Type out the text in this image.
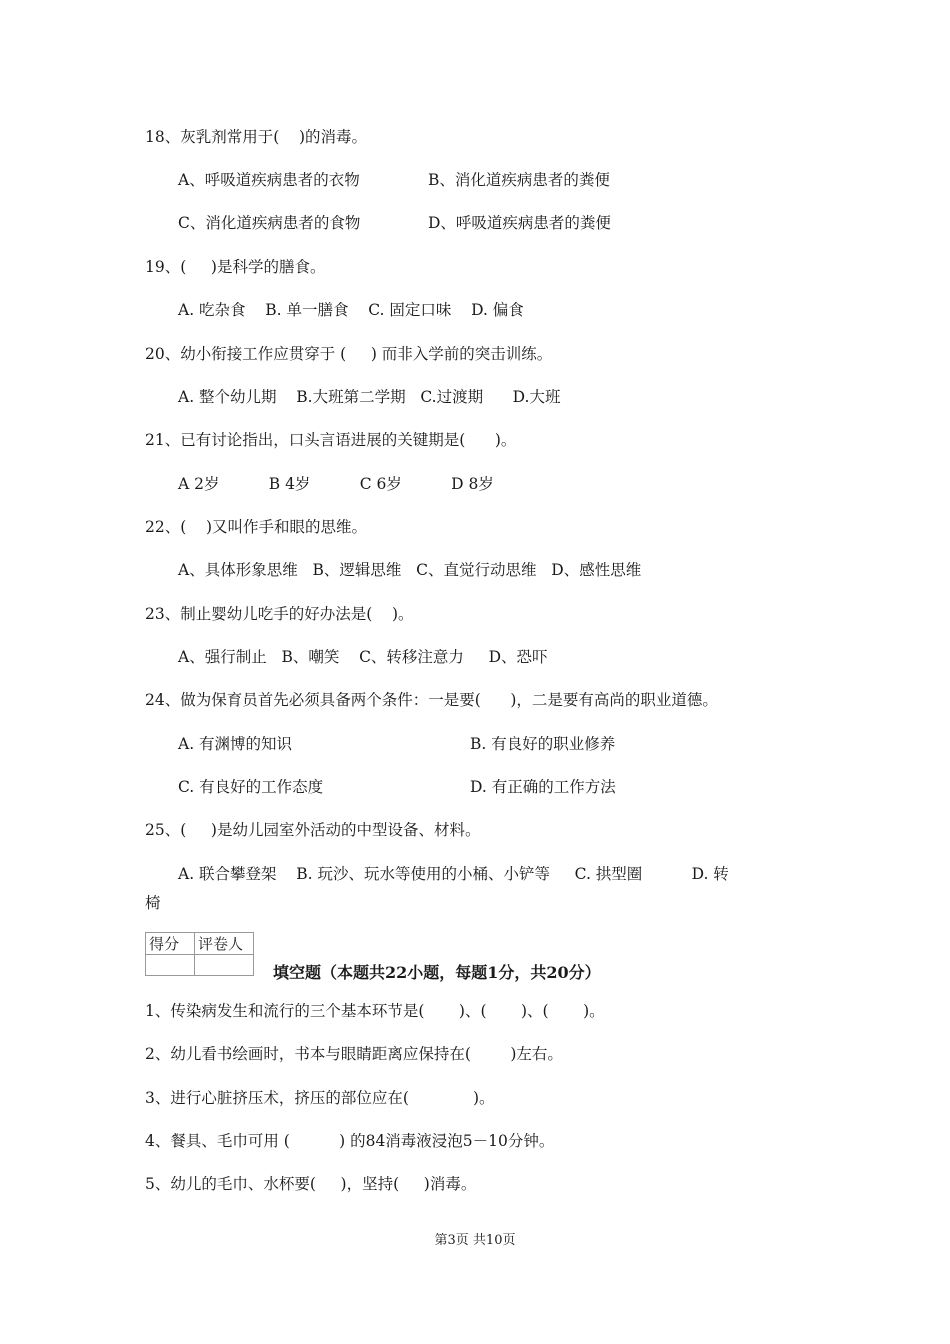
18、灰乳剂常用于(    )的消毒。
A、呼吸道疾病患者的衣物	B、消化道疾病患者的粪便
C、消化道疾病患者的食物	D、呼吸道疾病患者的粪便
19、(     )是科学的膳食。
A. 吃杂食    B. 单一膳食    C. 固定口味    D. 偏食
20、幼小衔接工作应贯穿于 (     ) 而非入学前的突击训练。
A. 整个幼儿期    B.大班第二学期   C.过渡期      D.大班
21、已有讨论指出，口头言语进展的关键期是(      )。
A 2岁          B 4岁          C 6岁          D 8岁
22、(    )又叫作手和眼的思维。
A、具体形象思维   B、逻辑思维   C、直觉行动思维   D、感性思维
23、制止婴幼儿吃手的好办法是(    )。
A、强行制止   B、嘲笑    C、转移注意力     D、恐吓
24、做为保育员首先必须具备两个条件：一是要(      )，二是要有高尚的职业道德。
A. 有渊博的知识	B. 有良好的职业修养
C. 有良好的工作态度	D. 有正确的工作方法
25、(     )是幼儿园室外活动的中型设备、材料。
A. 联合攀登架    B. 玩沙、玩水等使用的小桶、小铲等     C. 拱型圈          D. 转
椅
得分	评卷人

填空题（本题共22小题，每题1分，共20分）
1、传染病发生和流行的三个基本环节是(       )、(       )、(       )。
2、幼儿看书绘画时，书本与眼睛距离应保持在(        )左右。
3、进行心脏挤压术，挤压的部位应在(             )。
4、餐具、毛巾可用 (          ) 的84消毒液浸泡5－10分钟。
5、幼儿的毛巾、水杯要(     )，坚持(     )消毒。
第3页 共10页
